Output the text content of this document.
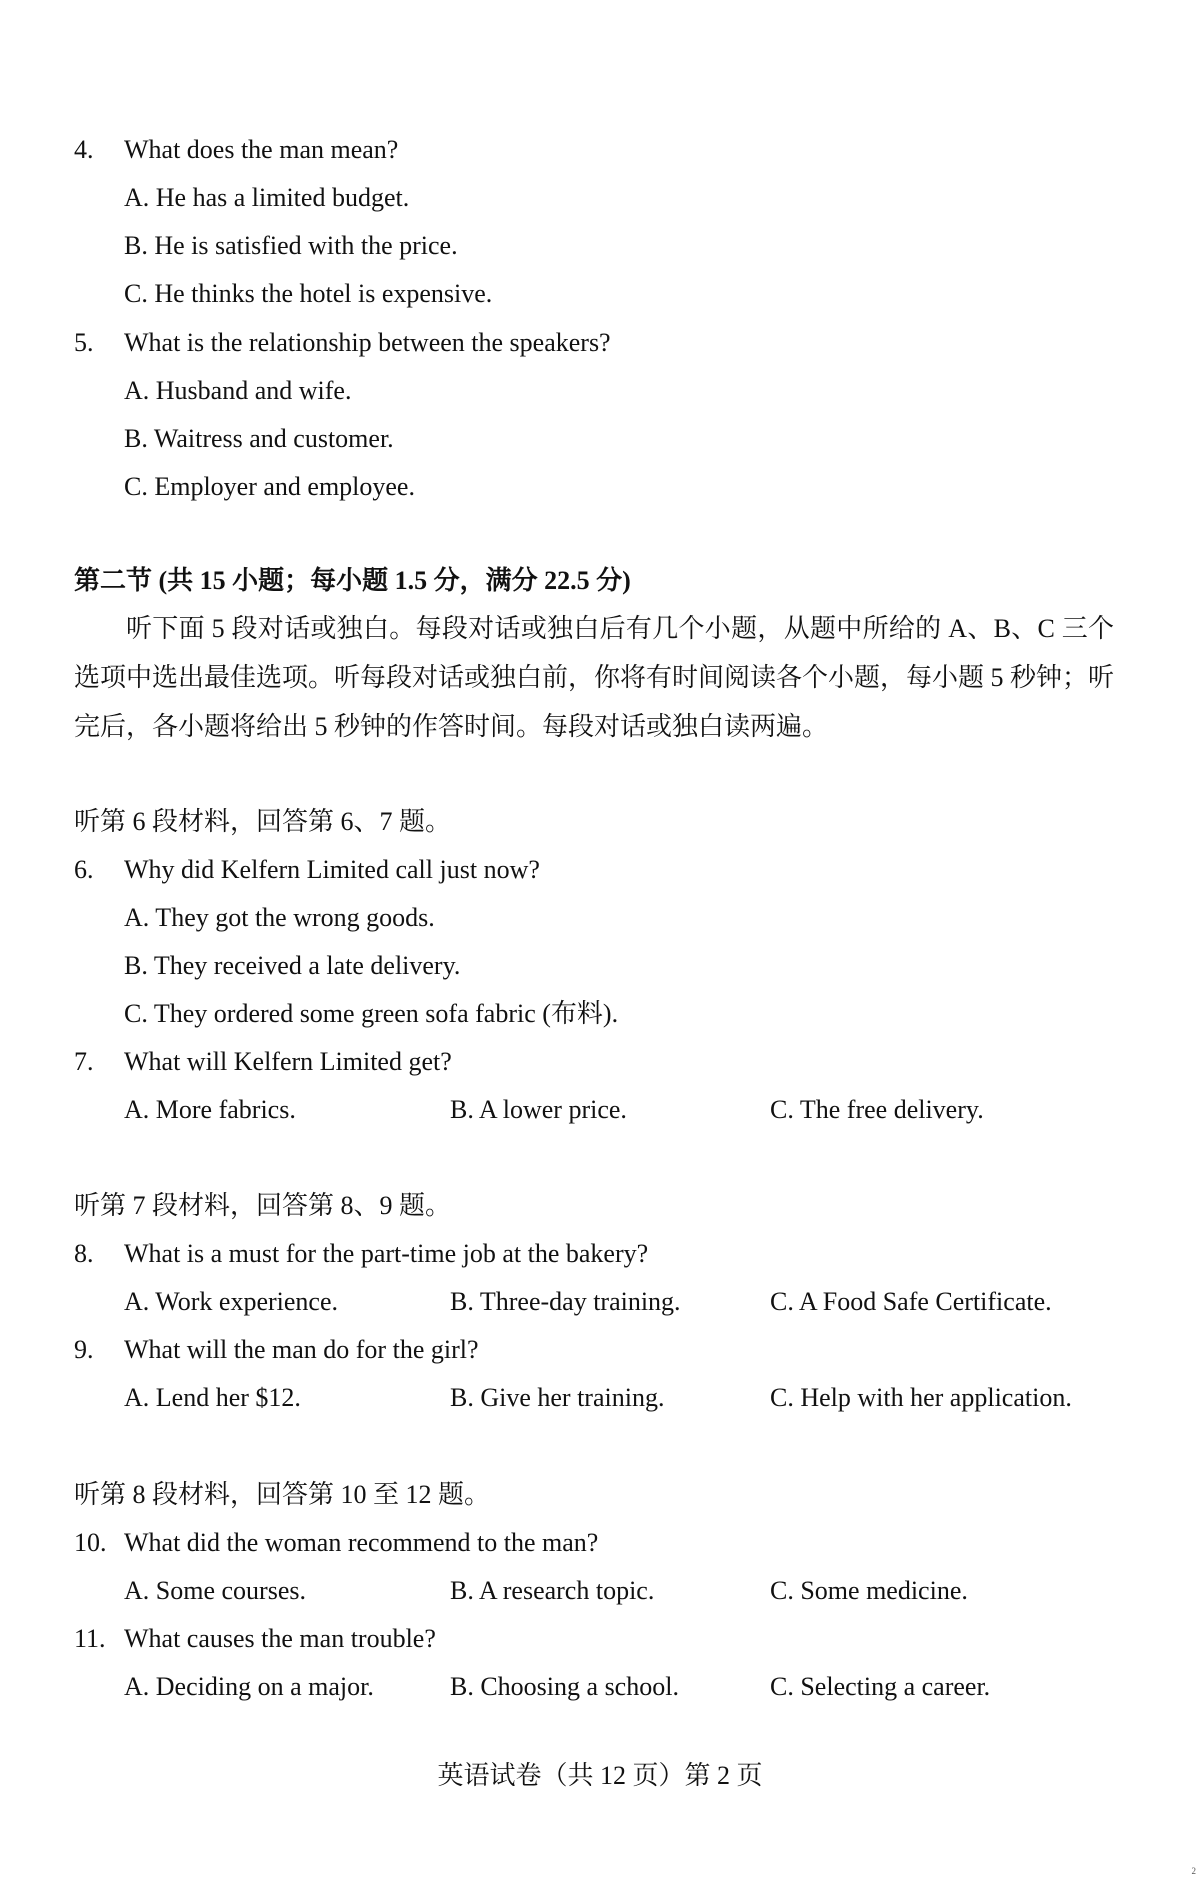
4. What does the man mean?
A. He has a limited budget.
B. He is satisfied with the price.
C. He thinks the hotel is expensive.
5. What is the relationship between the speakers?
A. Husband and wife.
B. Waitress and customer.
C. Employer and employee.
第二节 (共 15 小题；每小题 1.5 分，满分 22.5 分)
听下面 5 段对话或独白。每段对话或独白后有几个小题，从题中所给的 A、B、C 三个选项中选出最佳选项。听每段对话或独白前，你将有时间阅读各个小题，每小题 5 秒钟；听完后，各小题将给出 5 秒钟的作答时间。每段对话或独白读两遍。
听第 6 段材料，回答第 6、7 题。
6. Why did Kelfern Limited call just now?
A. They got the wrong goods.
B. They received a late delivery.
C. They ordered some green sofa fabric (布料).
7. What will Kelfern Limited get?
A. More fabrics.	B. A lower price.	C. The free delivery.
听第 7 段材料，回答第 8、9 题。
8. What is a must for the part-time job at the bakery?
A. Work experience.	B. Three-day training.	C. A Food Safe Certificate.
9. What will the man do for the girl?
A. Lend her $12.	B. Give her training.	C. Help with her application.
听第 8 段材料，回答第 10 至 12 题。
10. What did the woman recommend to the man?
A. Some courses.	B. A research topic.	C. Some medicine.
11. What causes the man trouble?
A. Deciding on a major.	B. Choosing a school.	C. Selecting a career.
英语试卷（共 12 页）第 2 页
2
